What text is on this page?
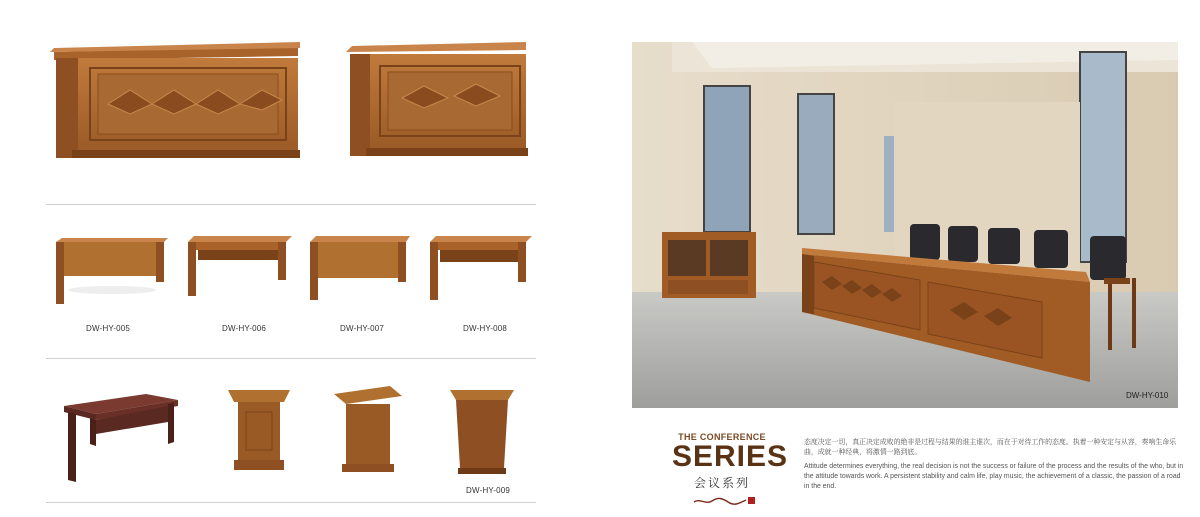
DW-HY-005	DW-HY-006	DW-HY-007	DW-HY-008
DW-HY-009
DW-HY-010
THE CONFERENCE
SERIES
会议系列
态度决定一切，真正决定成败的绝非是过程与结果的谁主谁次，而在于对待工作的态度。执着一种安定与从容，奏响生命乐曲，成就一种经典，将激情一路到底。
Attitude determines everything, the real decision is not the success or failure of the process and the results of the who, but in the attitude towards work. A persistent stability and calm life, play music, the achievement of a classic, the passion of a road in the end.
